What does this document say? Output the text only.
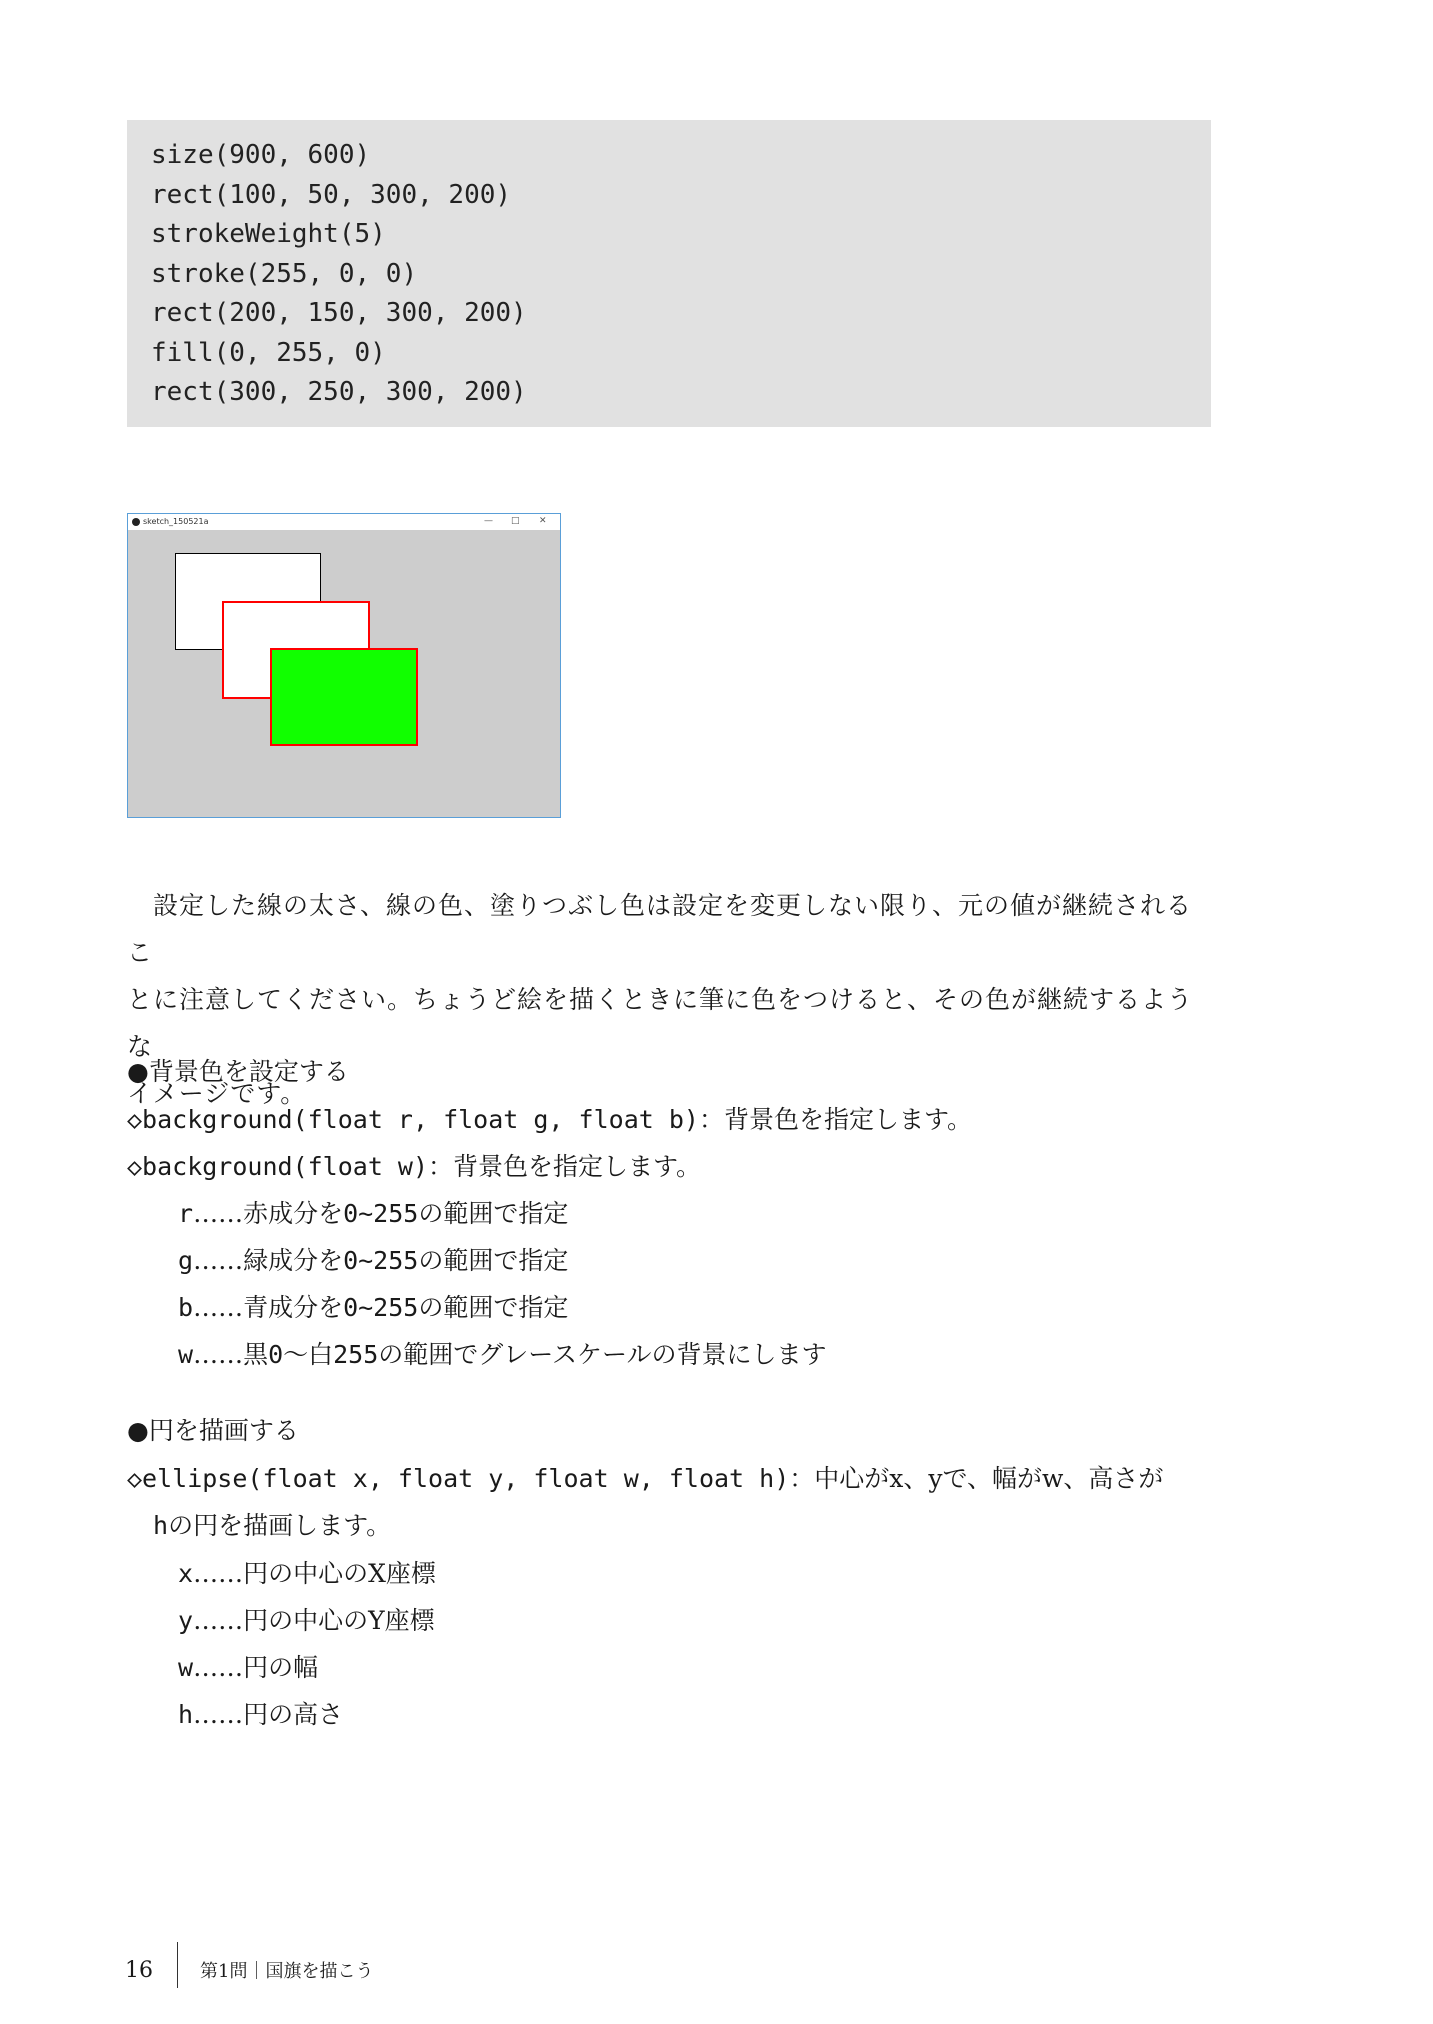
size(900, 600)
rect(100, 50, 300, 200)
strokeWeight(5)
stroke(255, 0, 0)
rect(200, 150, 300, 200)
fill(0, 255, 0)
rect(300, 250, 300, 200)
sketch_150521a	— □ ✕
設定した線の太さ、線の色、塗りつぶし色は設定を変更しない限り、元の値が継続されるこ
とに注意してください。ちょうど絵を描くときに筆に色をつけると、その色が継続するような
イメージです。
●背景色を設定する
◇background(float r, float g, float b)：背景色を指定します。
◇background(float w)：背景色を指定します。
r……赤成分を0~255の範囲で指定
g……緑成分を0~255の範囲で指定
b……青成分を0~255の範囲で指定
w……黒0〜白255の範囲でグレースケールの背景にします
●円を描画する
◇ellipse(float x, float y, float w, float h)：中心がx、yで、幅がw、高さが
hの円を描画します。
x……円の中心のX座標
y……円の中心のY座標
w……円の幅
h……円の高さ
16	第1問｜国旗を描こう
